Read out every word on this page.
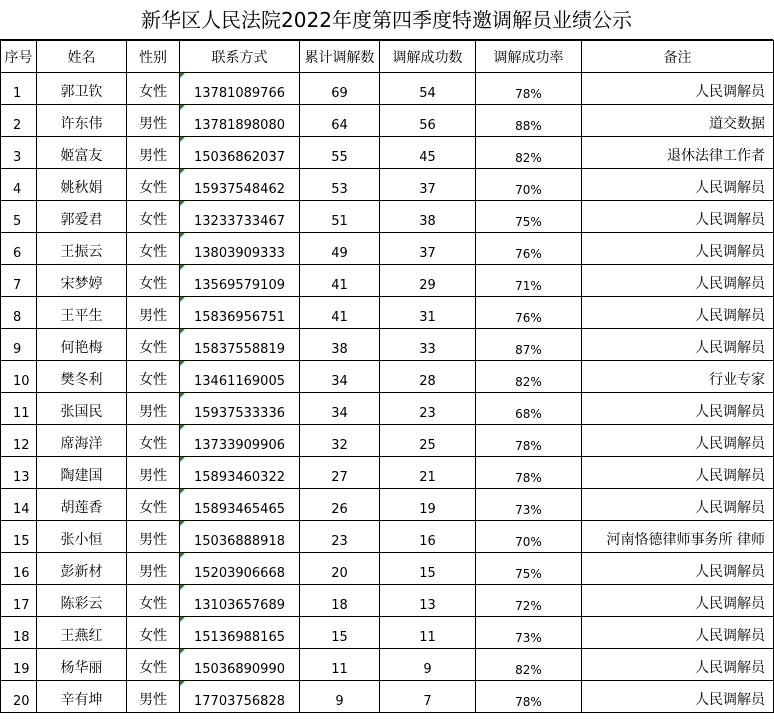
新华区人民法院2022年度第四季度特邀调解员业绩公示
序号	姓名	性别	联系方式	累计调解数	调解成功数	调解成功率	备注
1	郭卫钦	女性	13781089766	69	54	78%	人民调解员
2	许东伟	男性	13781898080	64	56	88%	道交数据
3	姬富友	男性	15036862037	55	45	82%	退休法律工作者
4	姚秋娟	女性	15937548462	53	37	70%	人民调解员
5	郭爱君	女性	13233733467	51	38	75%	人民调解员
6	王振云	女性	13803909333	49	37	76%	人民调解员
7	宋梦婷	女性	13569579109	41	29	71%	人民调解员
8	王平生	男性	15836956751	41	31	76%	人民调解员
9	何艳梅	女性	15837558819	38	33	87%	人民调解员
10	樊冬利	女性	13461169005	34	28	82%	行业专家
11	张国民	男性	15937533336	34	23	68%	人民调解员
12	席海洋	女性	13733909906	32	25	78%	人民调解员
13	陶建国	男性	15893460322	27	21	78%	人民调解员
14	胡莲香	女性	15893465465	26	19	73%	人民调解员
15	张小恒	男性	15036888918	23	16	70%	河南恪德律师事务所 律师
16	彭新材	男性	15203906668	20	15	75%	人民调解员
17	陈彩云	女性	13103657689	18	13	72%	人民调解员
18	王燕红	女性	15136988165	15	11	73%	人民调解员
19	杨华丽	女性	15036890990	11	9	82%	人民调解员
20	辛有坤	男性	17703756828	9	7	78%	人民调解员
